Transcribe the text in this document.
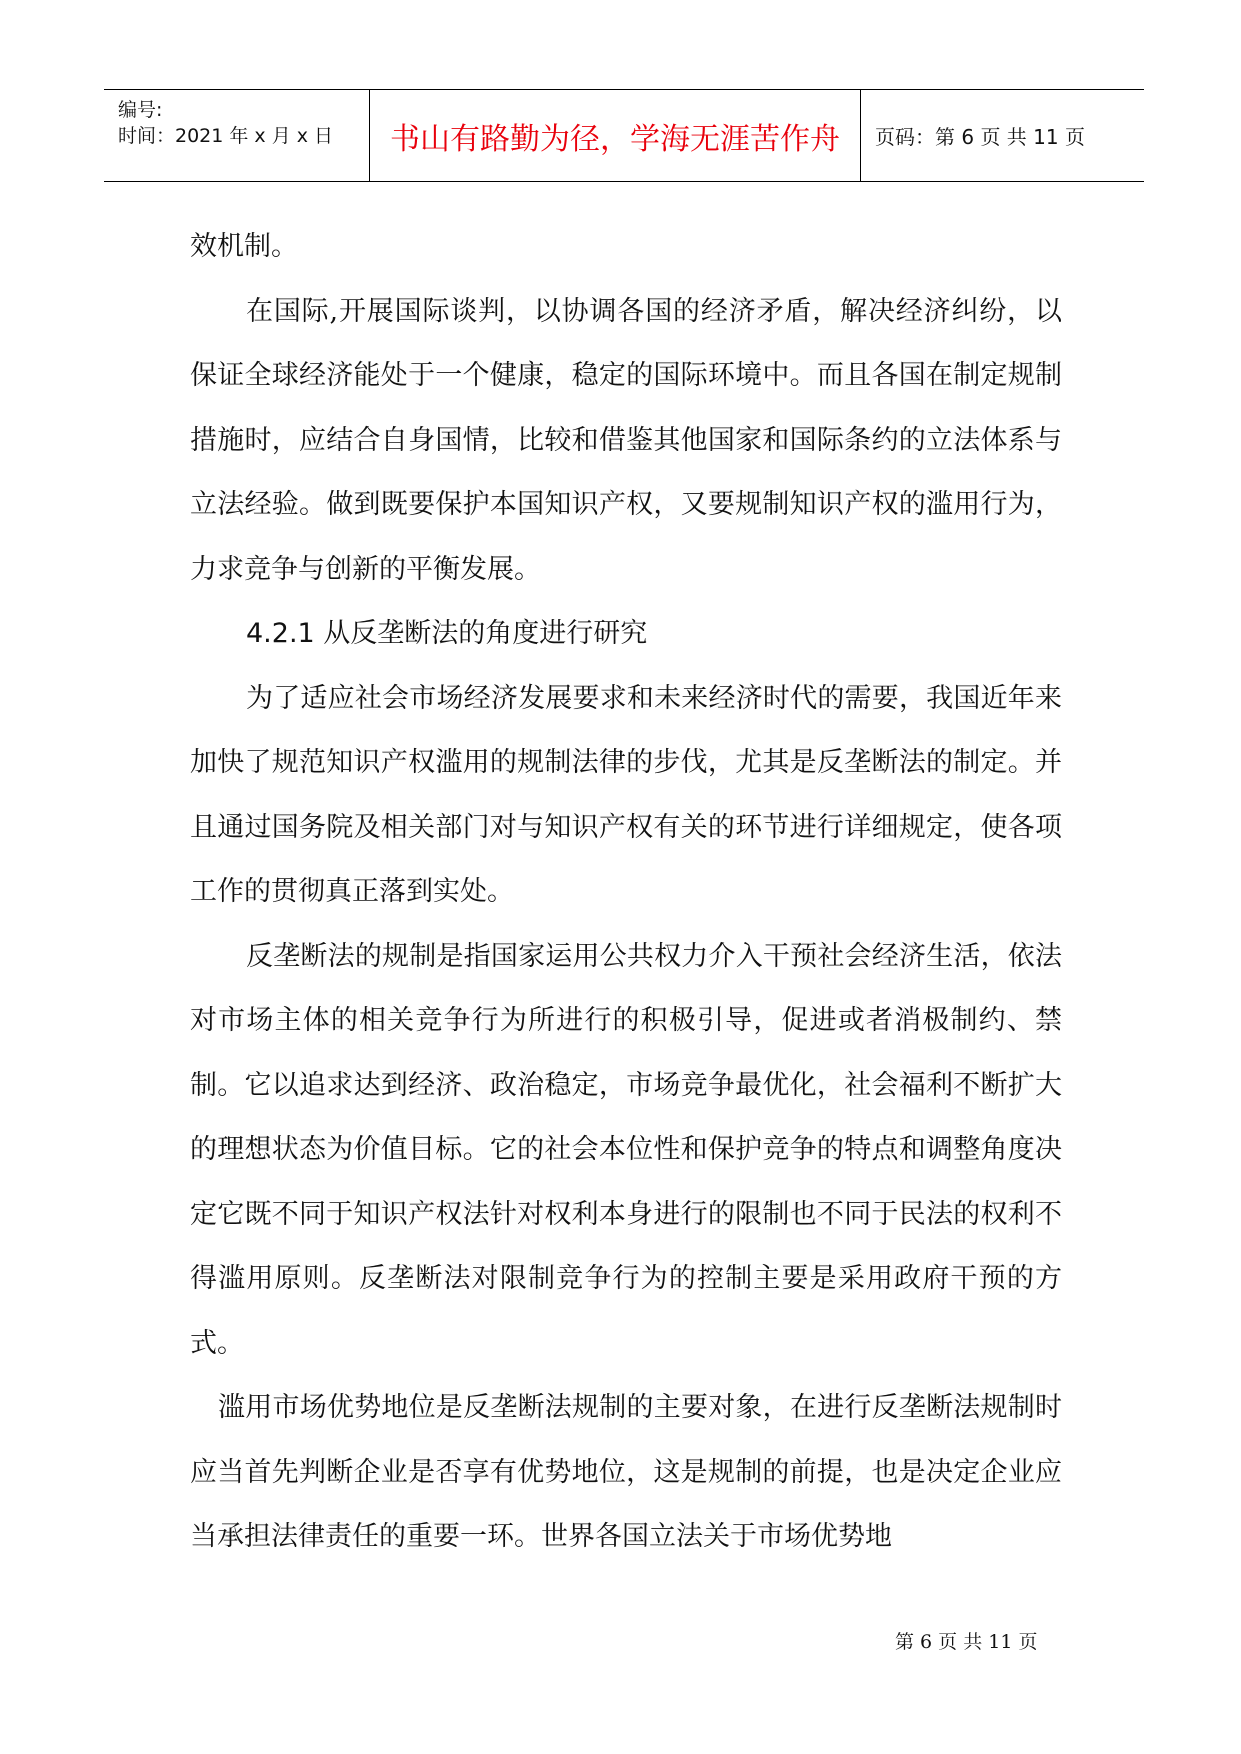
编号:
时间：2021 年 x 月 x 日 书山有路勤为径，学海无涯苦作舟 页码：第 6 页 共 11 页

效机制。

在国际,开展国际谈判，以协调各国的经济矛盾，解决经济纠纷，以保证全球经济能处于一个健康，稳定的国际环境中。而且各国在制定规制措施时，应结合自身国情，比较和借鉴其他国家和国际条约的立法体系与立法经验。做到既要保护本国知识产权，又要规制知识产权的滥用行为，力求竞争与创新的平衡发展。

4.2.1 从反垄断法的角度进行研究

为了适应社会市场经济发展要求和未来经济时代的需要，我国近年来加快了规范知识产权滥用的规制法律的步伐，尤其是反垄断法的制定。并且通过国务院及相关部门对与知识产权有关的环节进行详细规定，使各项工作的贯彻真正落到实处。

反垄断法的规制是指国家运用公共权力介入干预社会经济生活，依法对市场主体的相关竞争行为所进行的积极引导，促进或者消极制约、禁制。它以追求达到经济、政治稳定，市场竞争最优化，社会福利不断扩大的理想状态为价值目标。它的社会本位性和保护竞争的特点和调整角度决定它既不同于知识产权法针对权利本身进行的限制也不同于民法的权利不得滥用原则。反垄断法对限制竞争行为的控制主要是采用政府干预的方式。

滥用市场优势地位是反垄断法规制的主要对象，在进行反垄断法规制时应当首先判断企业是否享有优势地位，这是规制的前提，也是决定企业应当承担法律责任的重要一环。世界各国立法关于市场优势地

第 6 页 共 11 页
